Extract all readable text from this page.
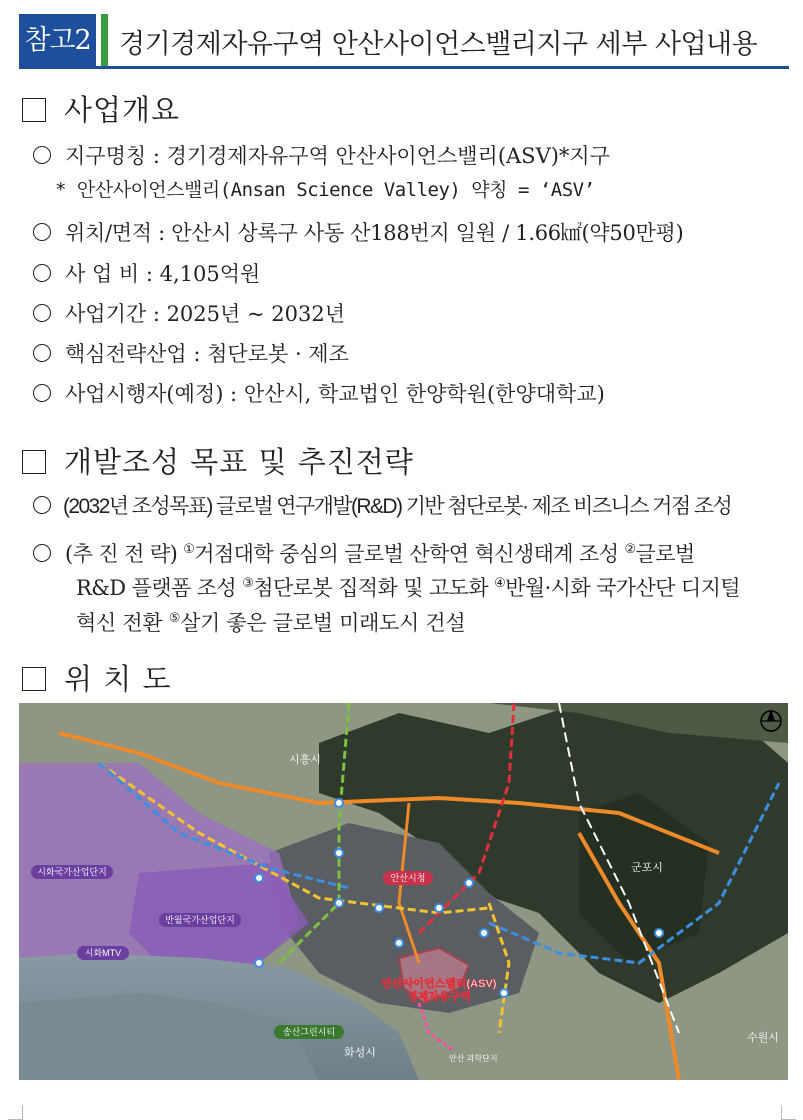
참고2 경기경제자유구역 안산사이언스밸리지구 세부 사업내용
사업개요
지구명칭 : 경기경제자유구역 안산사이언스밸리(ASV)*지구
* 안산사이언스밸리(Ansan Science Valley) 약칭 = ‘ASV’
위치/면적 : 안산시 상록구 사동 산188번지 일원 / 1.66㎢(약50만평)
사 업 비 : 4,105억원
사업기간 : 2025년 ~ 2032년
핵심전략산업 : 첨단로봇 · 제조
사업시행자(예정) : 안산시, 학교법인 한양학원(한양대학교)
개발조성 목표 및 추진전략
(2032년 조성목표) 글로벌 연구개발(R&D) 기반 첨단로봇· 제조 비즈니스 거점 조성
(추 진 전 략) ①거점대학 중심의 글로벌 산학연 혁신생태계 조성 ②글로벌
R&D 플랫폼 조성 ③첨단로봇 집적화 및 고도화 ④반월·시화 국가산단 디지털
혁신 전환 ⑤살기 좋은 글로벌 미래도시 건설
위 치 도
시흥시
군포시
수원시
화성시
시화국가산업단지
반월국가산업단지
시화MTV
안산시청
송산그린시티
안산사이언스밸리(ASV)
경제자유구역
안산 과학단지
